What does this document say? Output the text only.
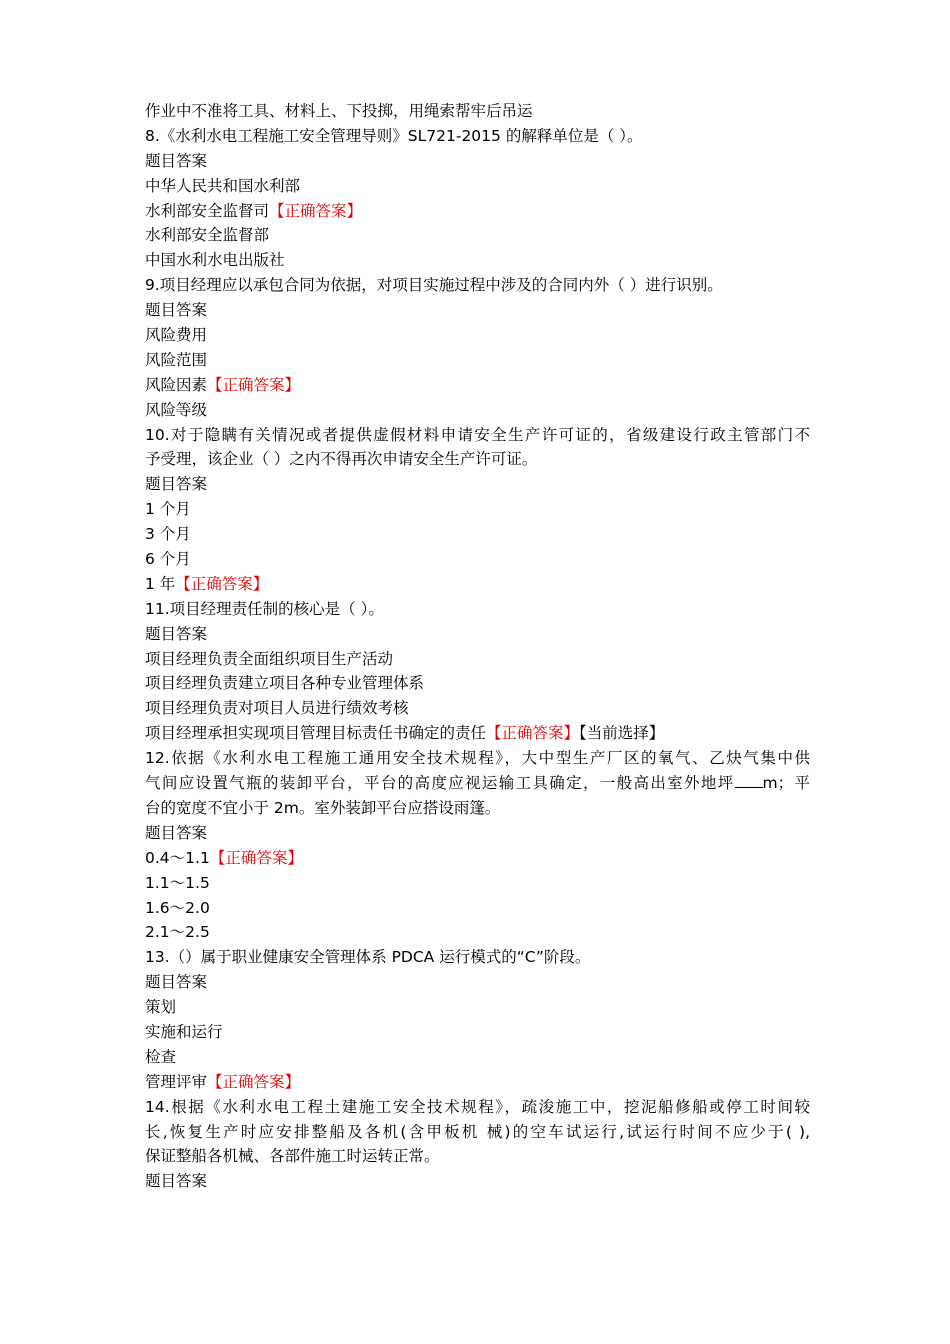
作业中不准将工具、材料上、下投掷，用绳索帮牢后吊运
8.《水利水电工程施工安全管理导则》SL721-2015 的解释单位是（ ）。
题目答案
中华人民共和国水利部
水利部安全监督司【正确答案】
水利部安全监督部
中国水利水电出版社
9.项目经理应以承包合同为依据，对项目实施过程中涉及的合同内外（ ）进行识别。
题目答案
风险费用
风险范围
风险因素【正确答案】
风险等级
10.对于隐瞒有关情况或者提供虚假材料申请安全生产许可证的，省级建设行政主管部门不
予受理，该企业（ ）之内不得再次申请安全生产许可证。
题目答案
1 个月
3 个月
6 个月
1 年【正确答案】
11.项目经理责任制的核心是（ ）。
题目答案
项目经理负责全面组织项目生产活动
项目经理负责建立项目各种专业管理体系
项目经理负责对项目人员进行绩效考核
项目经理承担实现项目管理目标责任书确定的责任【正确答案】【当前选择】
12.依据《水利水电工程施工通用安全技术规程》，大中型生产厂区的氧气、乙炔气集中供
气间应设置气瓶的装卸平台，平台的高度应视运输工具确定，一般高出室外地坪 m；平
台的宽度不宜小于 2m。室外装卸平台应搭设雨篷。
题目答案
0.4～1.1【正确答案】
1.1～1.5
1.6～2.0
2.1～2.5
13.（）属于职业健康安全管理体系 PDCA 运行模式的“C”阶段。
题目答案
策划
实施和运行
检查
管理评审【正确答案】
14.根据《水利水电工程土建施工安全技术规程》，疏浚施工中，挖泥船修船或停工时间较
长,恢复生产时应安排整船及各机(含甲板机 械)的空车试运行,试运行时间不应少于( ),
保证整船各机械、各部件施工时运转正常。
题目答案
